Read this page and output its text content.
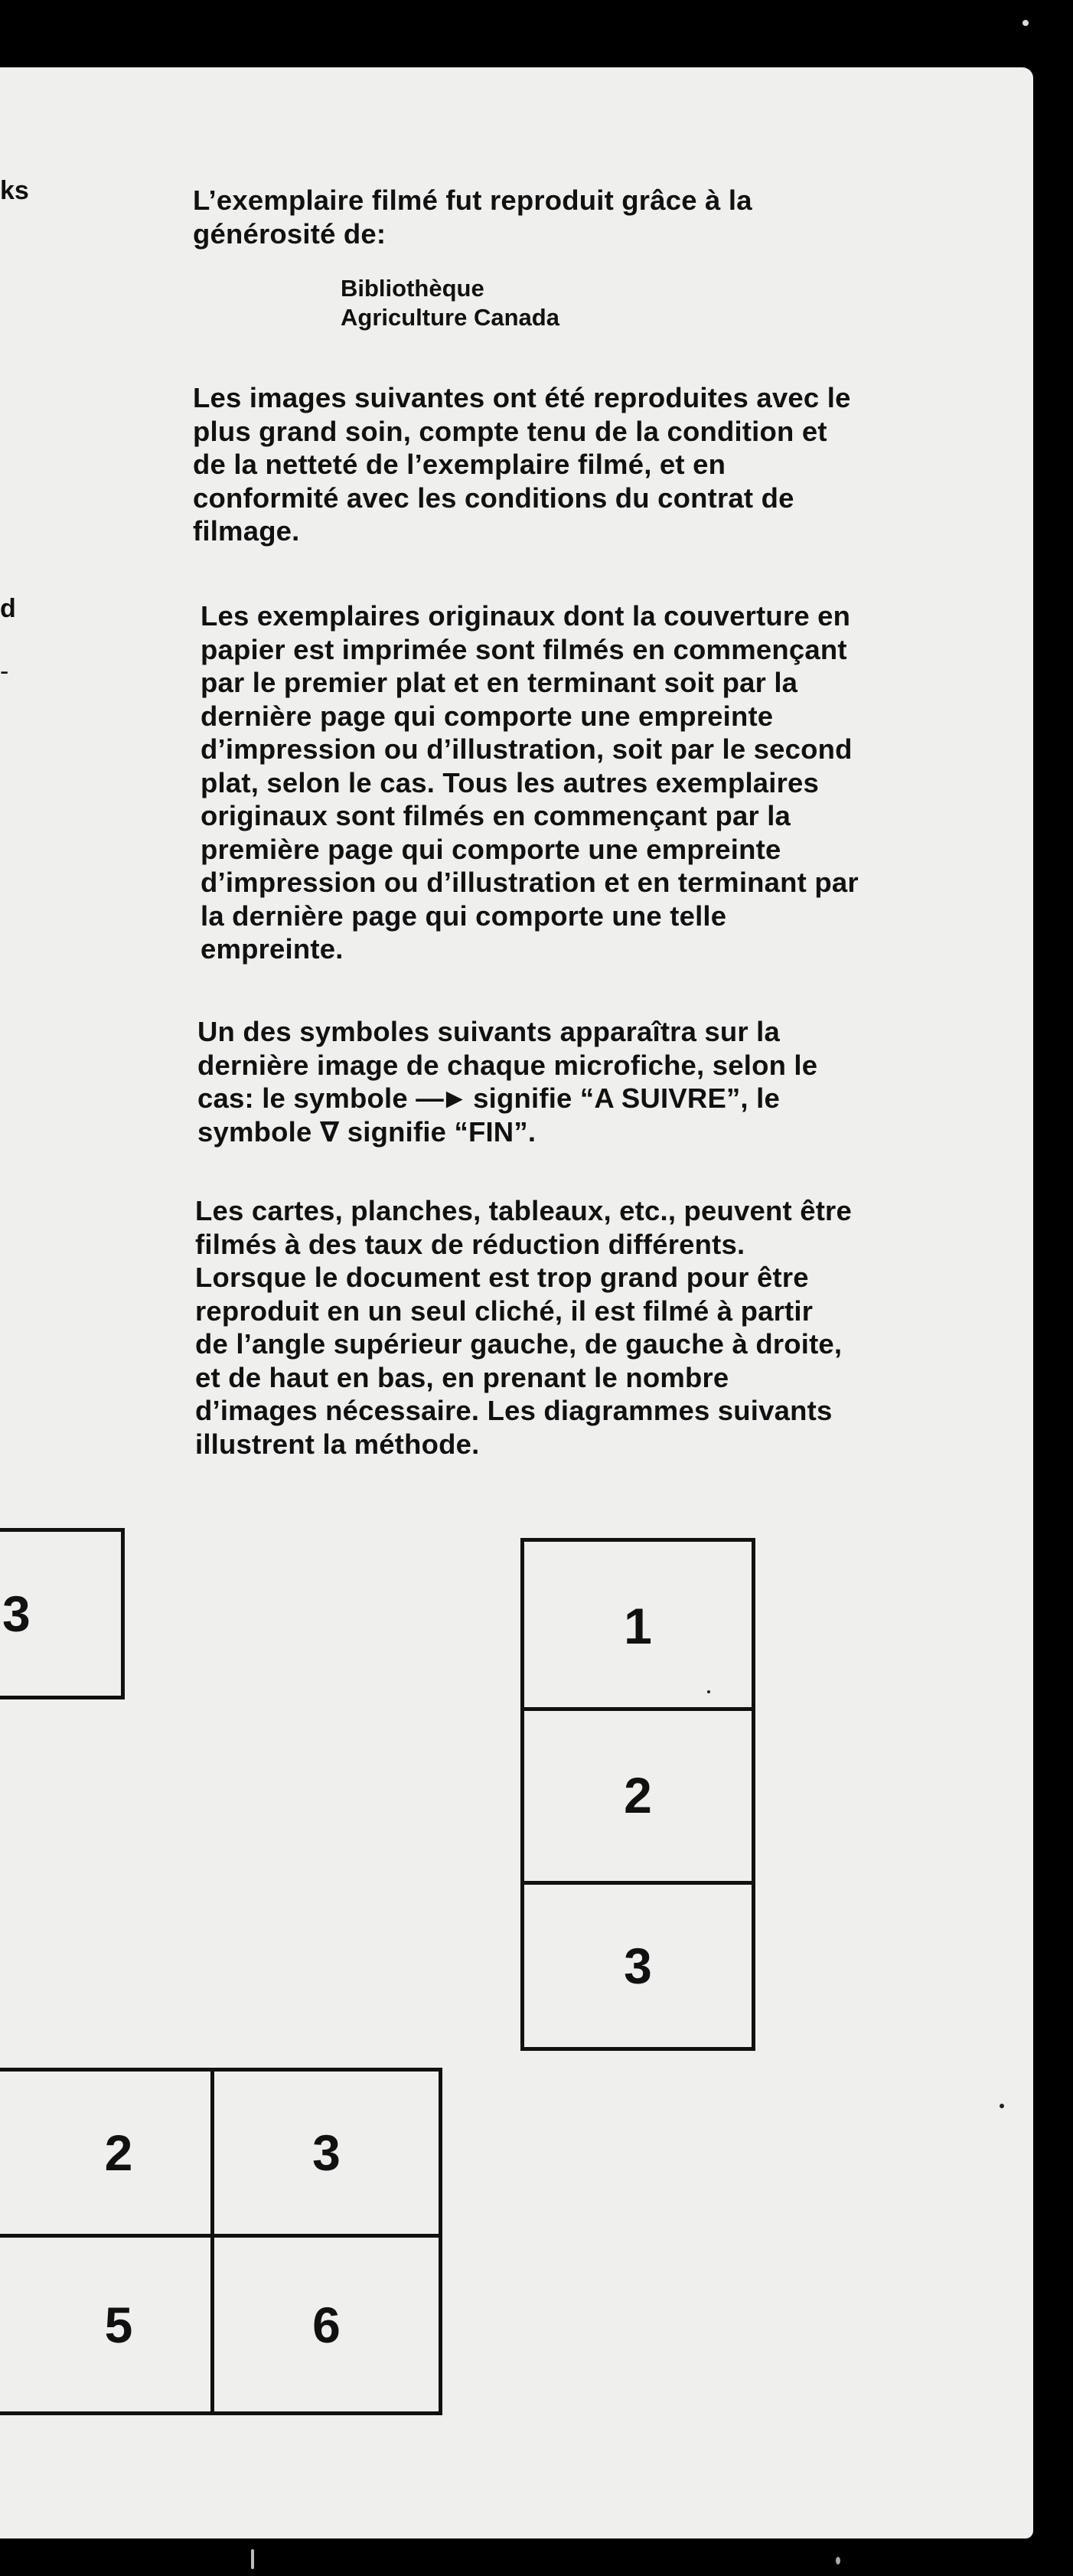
ks
d
-
L’exemplaire filmé fut reproduit grâce à la
générosité de:
Bibliothèque
Agriculture Canada
Les images suivantes ont été reproduites avec le
plus grand soin, compte tenu de la condition et
de la netteté de l’exemplaire filmé, et en
conformité avec les conditions du contrat de
filmage.
Les exemplaires originaux dont la couverture en
papier est imprimée sont filmés en commençant
par le premier plat et en terminant soit par la
dernière page qui comporte une empreinte
d’impression ou d’illustration, soit par le second
plat, selon le cas. Tous les autres exemplaires
originaux sont filmés en commençant par la
première page qui comporte une empreinte
d’impression ou d’illustration et en terminant par
la dernière page qui comporte une telle
empreinte.
Un des symboles suivants apparaîtra sur la
dernière image de chaque microfiche, selon le
cas: le symbole —► signifie “A SUIVRE”, le
symbole ∇ signifie “FIN”.
Les cartes, planches, tableaux, etc., peuvent être
filmés à des taux de réduction différents.
Lorsque le document est trop grand pour être
reproduit en un seul cliché, il est filmé à partir
de l’angle supérieur gauche, de gauche à droite,
et de haut en bas, en prenant le nombre
d’images nécessaire. Les diagrammes suivants
illustrent la méthode.
3	1
2
3
2	3
5	6
